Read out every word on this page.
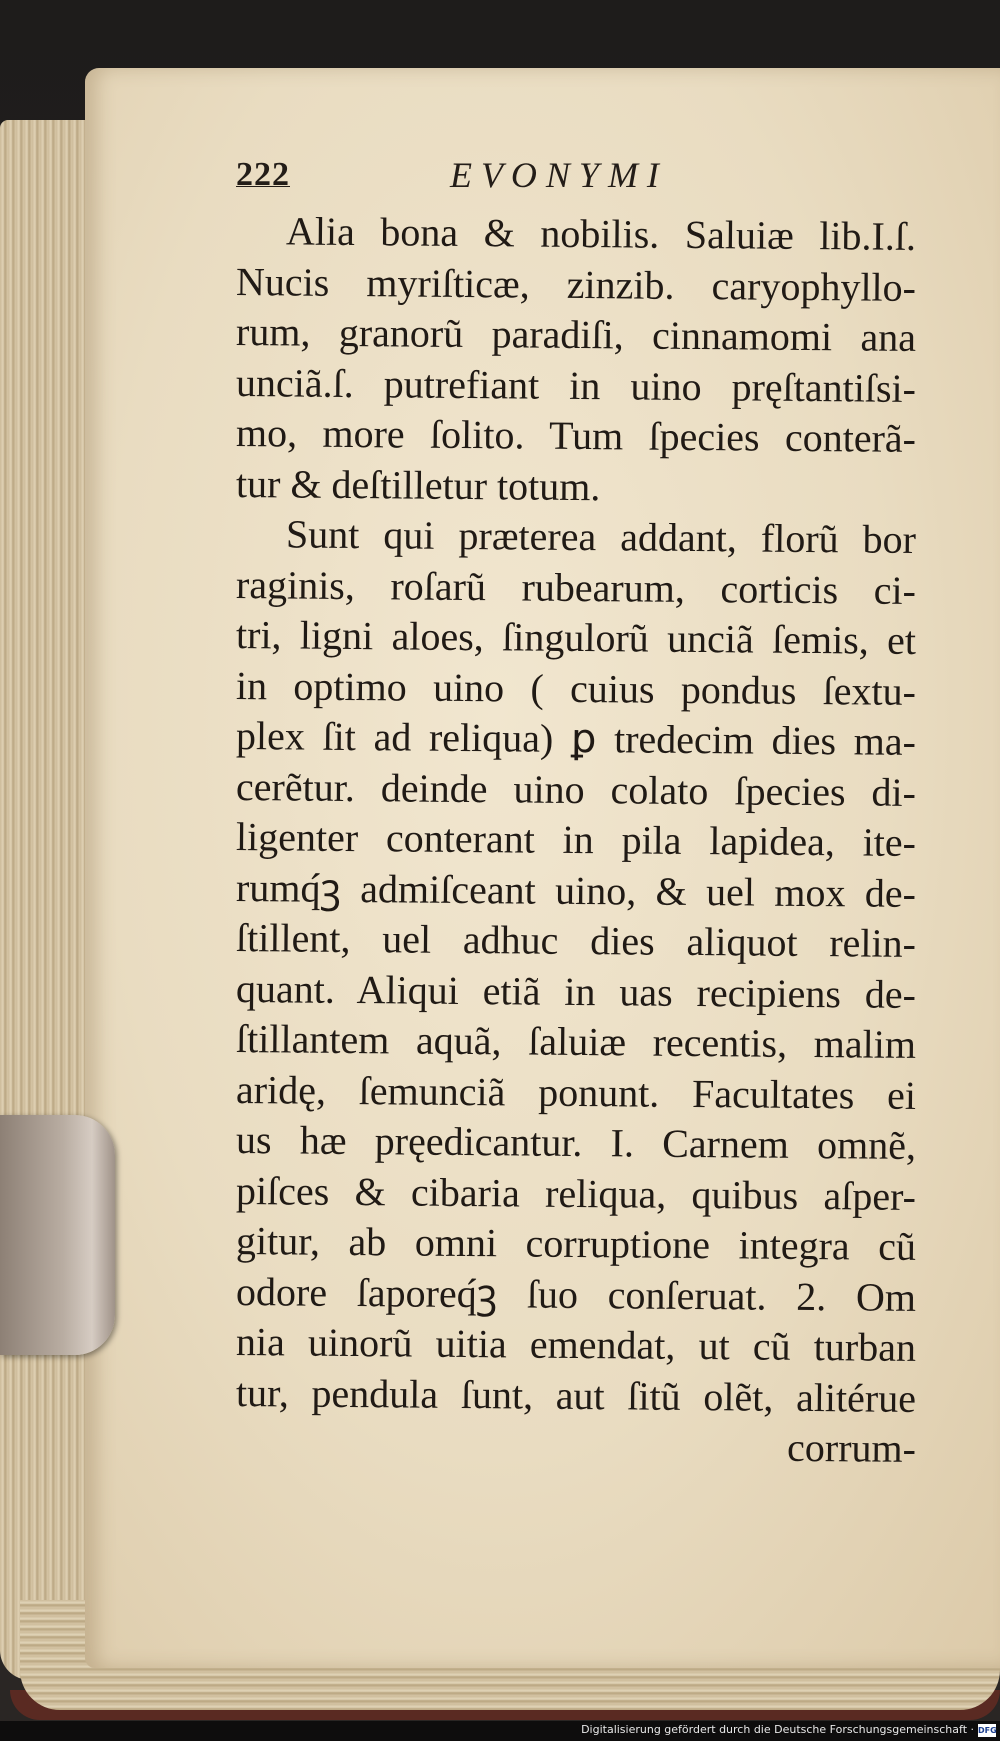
222	EVONYMI
Alia bona & nobilis. Saluiæ lib.I.ſ.
Nucis myriſticæ, zinzib. caryophyllo-
rum, granorũ paradiſi, cinnamomi ana
unciã.ſ. putrefiant in uino pręſtantiſsi-
mo, more ſolito. Tum ſpecies conterã-
tur & deſtilletur totum.
Sunt qui præterea addant, florũ bor
raginis, roſarũ rubearum, corticis ci-
tri, ligni aloes, ſingulorũ unciã ſemis, et
in optimo uino ( cuius pondus ſextu-
plex ſit ad reliqua) ꝑ tredecim dies ma-
cerẽtur. deinde uino colato ſpecies di-
ligenter conterant in pila lapidea, ite-
rumq́ꝫ admiſceant uino, & uel mox de-
ſtillent, uel adhuc dies aliquot relin-
quant. Aliqui etiã in uas recipiens de-
ſtillantem aquã, ſaluiæ recentis, malim
aridę, ſemunciã ponunt. Facultates ei
us hæ pręedicantur. I. Carnem omnẽ,
piſces & cibaria reliqua, quibus aſper-
gitur, ab omni corruptione integra cũ
odore ſaporeq́ꝫ ſuo conſeruat. 2. Om
nia uinorũ uitia emendat, ut cũ turban
tur, pendula ſunt, aut ſitũ olẽt, alitérue
corrum-
Digitalisierung gefördert durch die Deutsche Forschungsgemeinschaft · DFG
